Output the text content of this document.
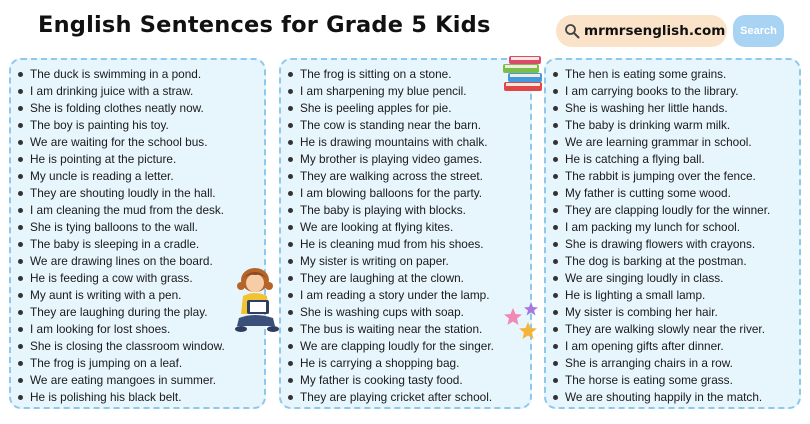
English Sentences for Grade 5 Kids	mrmrsenglish.com	Search
The duck is swimming in a pond.
I am drinking juice with a straw.
She is folding clothes neatly now.
The boy is painting his toy.
We are waiting for the school bus.
He is pointing at the picture.
My uncle is reading a letter.
They are shouting loudly in the hall.
I am cleaning the mud from the desk.
She is tying balloons to the wall.
The baby is sleeping in a cradle.
We are drawing lines on the board.
He is feeding a cow with grass.
My aunt is writing with a pen.
They are laughing during the play.
I am looking for lost shoes.
She is closing the classroom window.
The frog is jumping on a leaf.
We are eating mangoes in summer.
He is polishing his black belt.
The frog is sitting on a stone.
I am sharpening my blue pencil.
She is peeling apples for pie.
The cow is standing near the barn.
He is drawing mountains with chalk.
My brother is playing video games.
They are walking across the street.
I am blowing balloons for the party.
The baby is playing with blocks.
We are looking at flying kites.
He is cleaning mud from his shoes.
My sister is writing on paper.
They are laughing at the clown.
I am reading a story under the lamp.
She is washing cups with soap.
The bus is waiting near the station.
We are clapping loudly for the singer.
He is carrying a shopping bag.
My father is cooking tasty food.
They are playing cricket after school.
The hen is eating some grains.
I am carrying books to the library.
She is washing her little hands.
The baby is drinking warm milk.
We are learning grammar in school.
He is catching a flying ball.
The rabbit is jumping over the fence.
My father is cutting some wood.
They are clapping loudly for the winner.
I am packing my lunch for school.
She is drawing flowers with crayons.
The dog is barking at the postman.
We are singing loudly in class.
He is lighting a small lamp.
My sister is combing her hair.
They are walking slowly near the river.
I am opening gifts after dinner.
She is arranging chairs in a row.
The horse is eating some grass.
We are shouting happily in the match.
